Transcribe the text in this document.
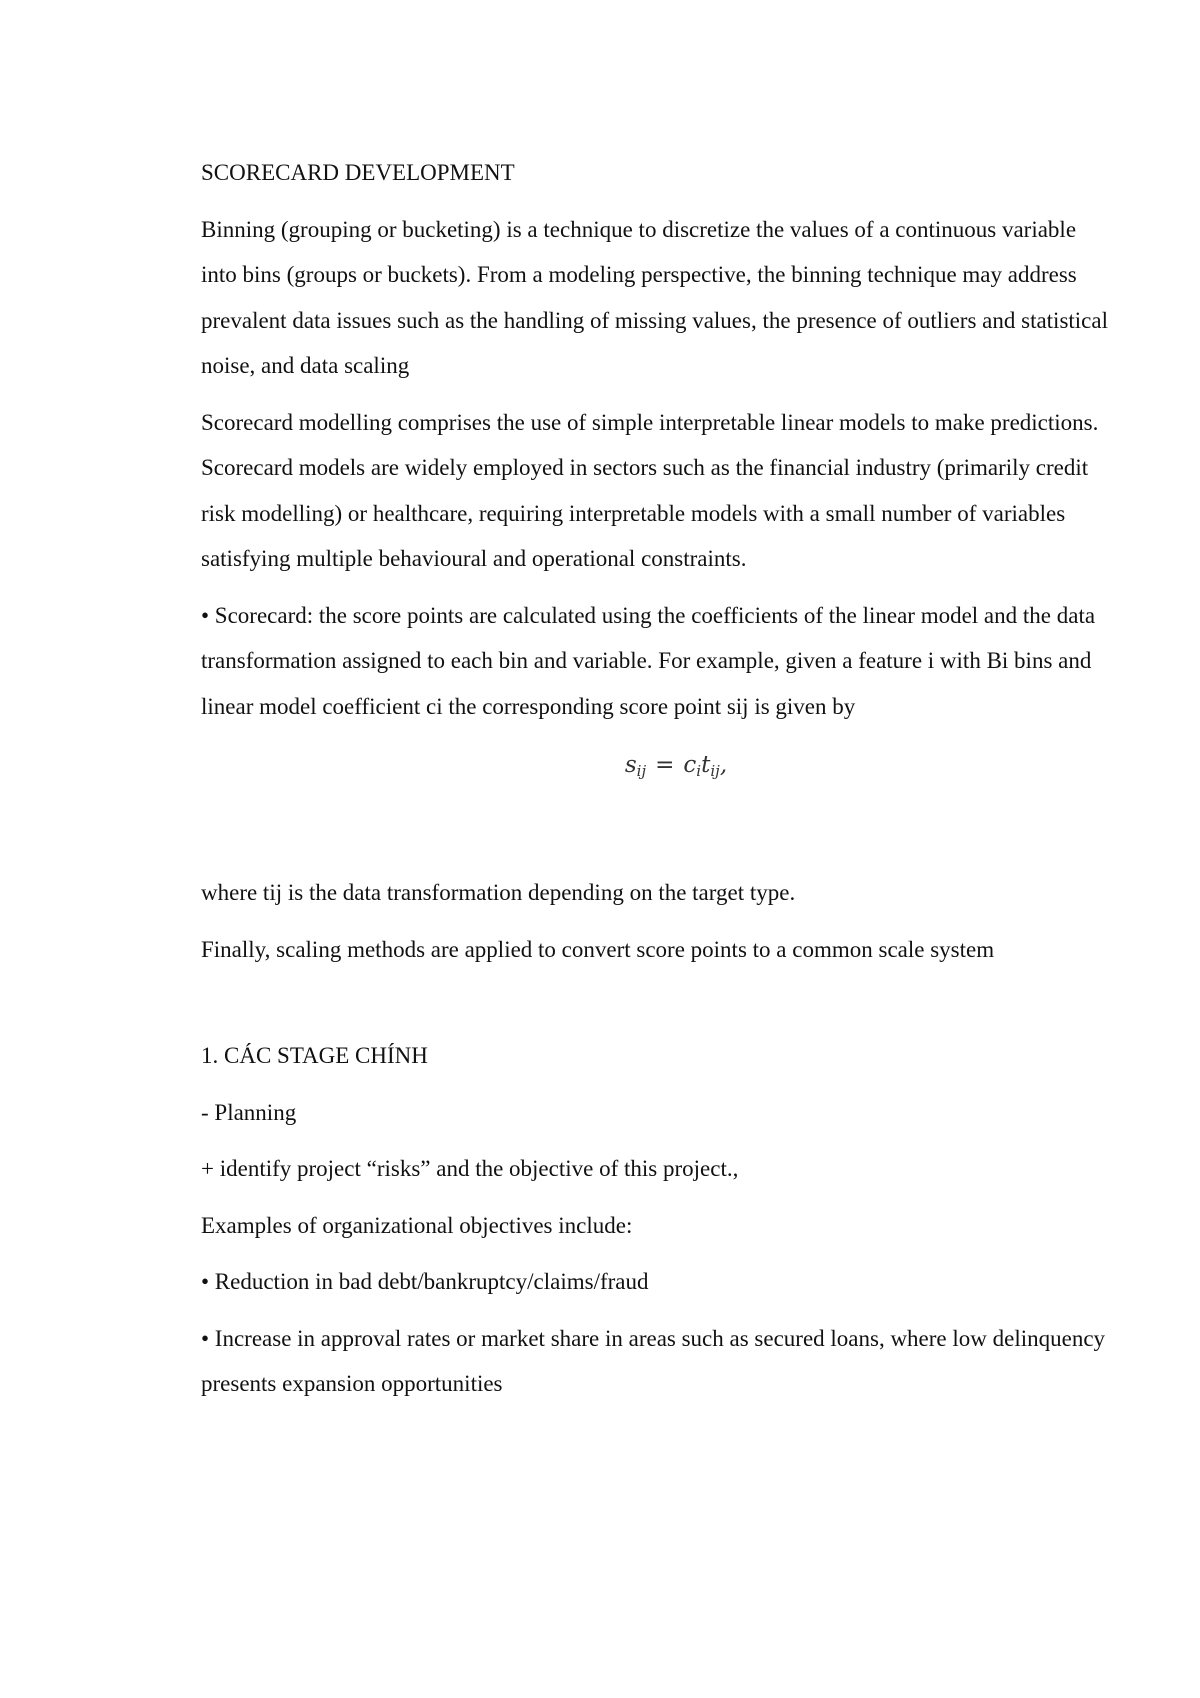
SCORECARD DEVELOPMENT

Binning (grouping or bucketing) is a technique to discretize the values of a continuous variable into bins (groups or buckets). From a modeling perspective, the binning technique may address prevalent data issues such as the handling of missing values, the presence of outliers and statistical noise, and data scaling

Scorecard modelling comprises the use of simple interpretable linear models to make predictions. Scorecard models are widely employed in sectors such as the financial industry (primarily credit risk modelling) or healthcare, requiring interpretable models with a small number of variables satisfying multiple behavioural and operational constraints.

• Scorecard: the score points are calculated using the coefficients of the linear model and the data transformation assigned to each bin and variable. For example, given a feature i with Bi bins and linear model coefficient ci the corresponding score point sij is given by

$s_{ij} = c_it_{ij}$,

where tij is the data transformation depending on the target type.

Finally, scaling methods are applied to convert score points to a common scale system

1. CÁC STAGE CHÍNH

- Planning

+ identify project “risks” and the objective of this project.,

Examples of organizational objectives include:

• Reduction in bad debt/bankruptcy/claims/fraud

• Increase in approval rates or market share in areas such as secured loans, where low delinquency presents expansion opportunities
